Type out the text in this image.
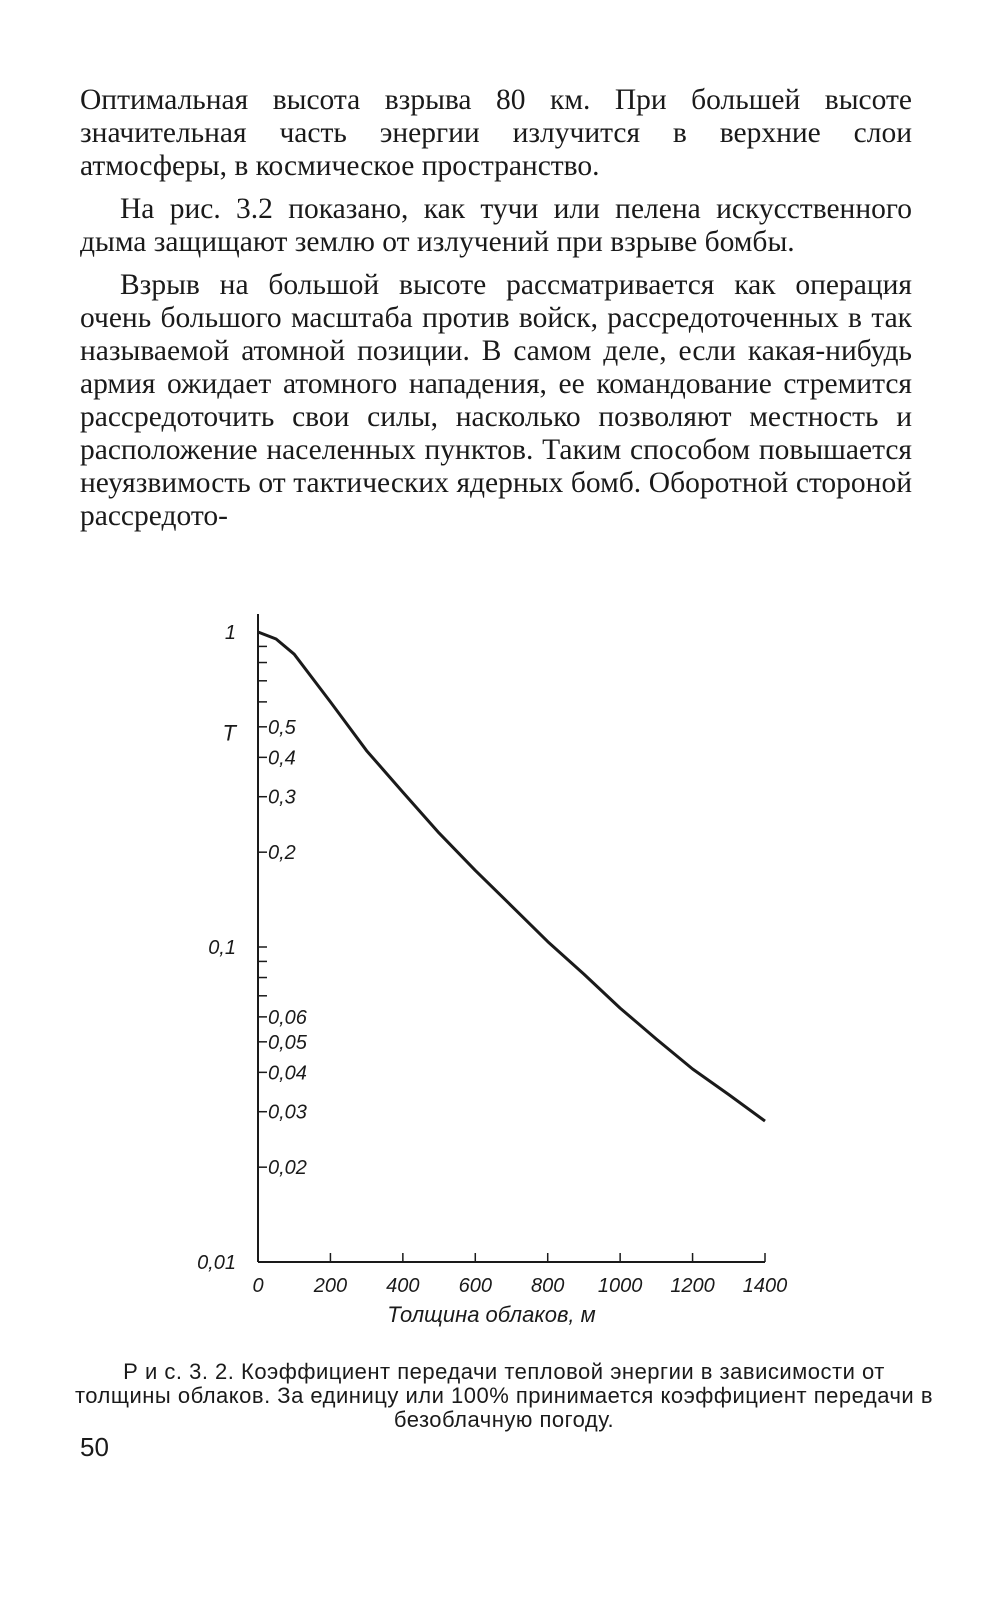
Оптимальная высота взрыва 80 км. При большей высоте значительная часть энергии излучится в верхние слои атмосферы, в космическое пространство.

На рис. 3.2 показано, как тучи или пелена искусственного дыма защищают землю от излучений при взрыве бомбы.

Взрыв на большой высоте рассматривается как операция очень большого масштаба против войск, рассредоточенных в так называемой атомной позиции. В самом деле, если какая-нибудь армия ожидает атомного нападения, ее командование стремится рассредоточить свои силы, насколько позволяют местность и расположение населенных пунктов. Таким способом повышается неуязвимость от тактических ядерных бомб. Оборотной стороной рассредото-

1
0,1
0,01
0,5
0,4
0,3
0,2
0,06
0,05
0,04
0,03
0,02
T
0	200 400 600 800 1000 1200 1400
Толщина облаков, м
Р и с. 3. 2. Коэффициент передачи тепловой энергии в зависимости от толщины облаков. За единицу или 100% принимается коэффициент передачи в безоблачную погоду.
50
